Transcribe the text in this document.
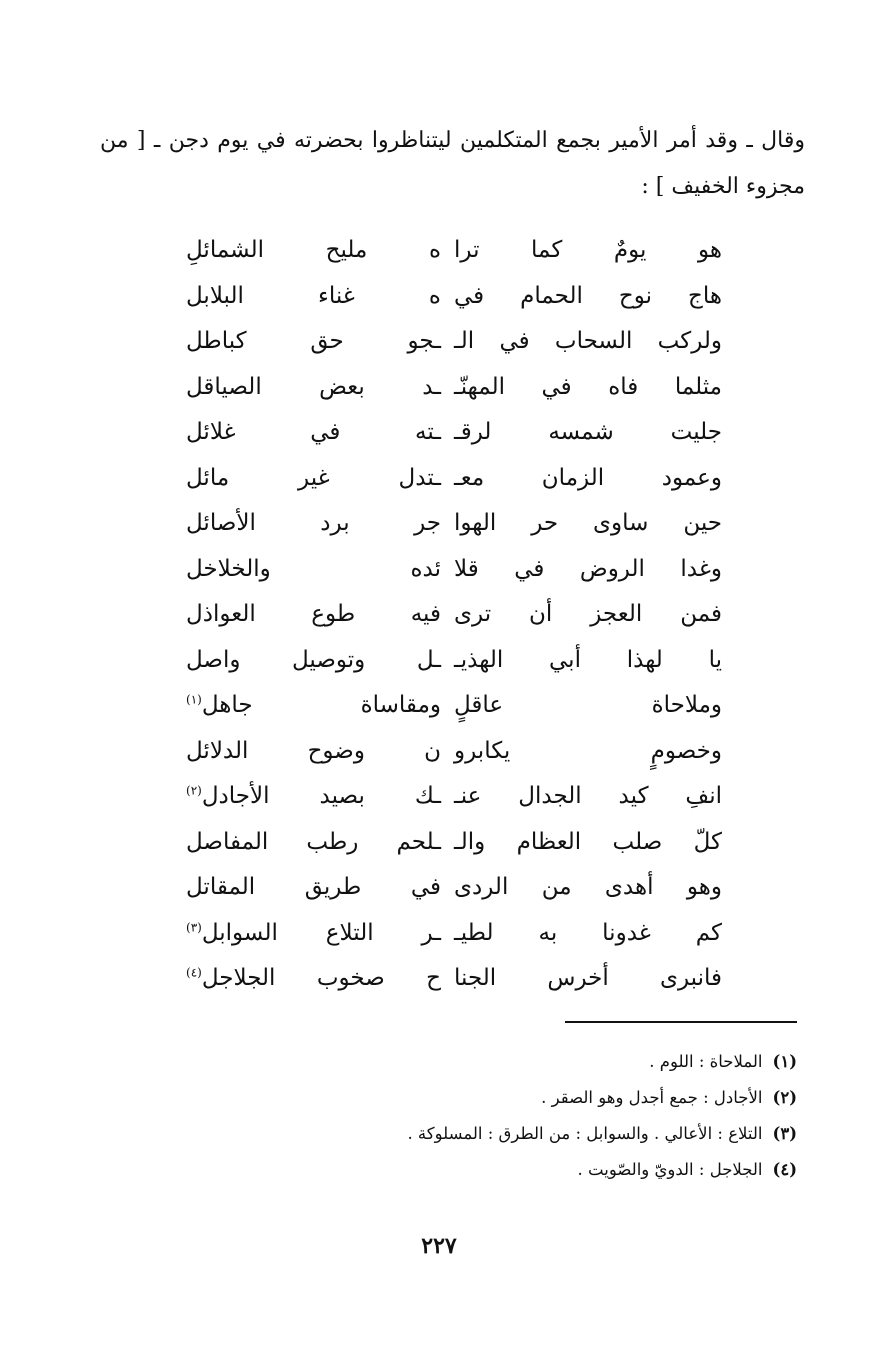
وقال ـ وقد أمر الأمير بجمع المتكلمين ليتناظروا بحضرته في يوم دجن ـ [ من مجزوء الخفيف ] :

هو يومٌ كما ترا
ه مليح الشمائلِ
هاج نوح الحمام في
ه غناء البلابل
ولركب السحاب في الـ
ـجو حق كباطل
مثلما فاه في المهنّـ
ـد بعض الصياقل
جليت شمسه لرقـ
ـته في غلائل
وعمود الزمان معـ
ـتدل غير مائل
حين ساوى حر الهوا
جر برد الأصائل
وغدا الروض في قلا
ئده والخلاخل
فمن العجز أن ترى
فيه طوع العواذل
يا لهذا أبي الهذيـ
ـل وتوصيل واصل
وملاحاة عاقلٍ
ومقاساة جاهل$^{(١)}$
وخصومٍ يكابرو
ن وضوح الدلائل
انفِ كيد الجدال عنـ
ـك بصيد الأجادل$^{(٢)}$
كلّ صلب العظام والـ
ـلحم رطب المفاصل
وهو أهدى من الردى
في طريق المقاتل
كم غدونا به لطيـ
ـر التلاع السوابل$^{(٣)}$
فانبرى أخرس الجنا
ح صخوب الجلاجل$^{(٤)}$
(١)الملاحاة : اللوم .
(٢)الأجادل : جمع أجدل وهو الصقر .
(٣)التلاع : الأعالي . والسوابل : من الطرق : المسلوكة .
(٤)الجلاجل : الدويّ والصّويت .
٢٢٧
